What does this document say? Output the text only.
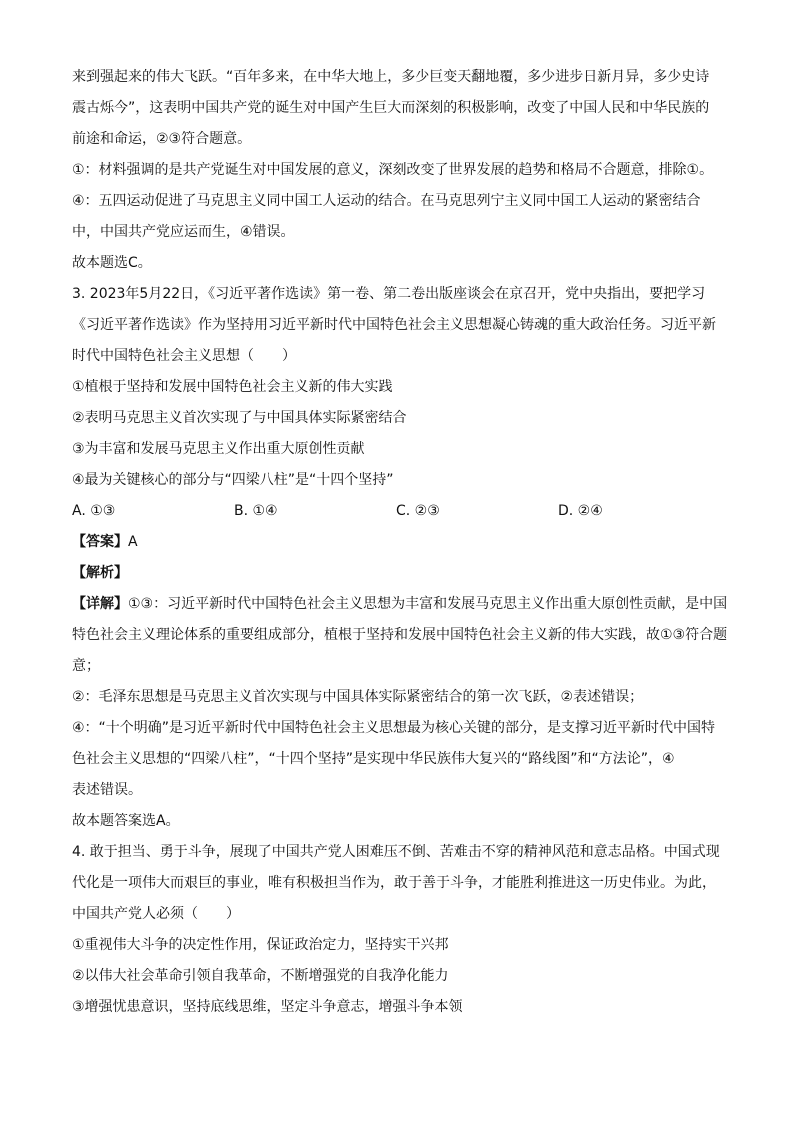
来到强起来的伟大飞跃。“百年多来，在中华大地上，多少巨变天翻地覆，多少进步日新月异，多少史诗
震古烁今”，这表明中国共产党的诞生对中国产生巨大而深刻的积极影响，改变了中国人民和中华民族的
前途和命运，②③符合题意。
①：材料强调的是共产党诞生对中国发展的意义，深刻改变了世界发展的趋势和格局不合题意，排除①。
④：五四运动促进了马克思主义同中国工人运动的结合。在马克思列宁主义同中国工人运动的紧密结合
中，中国共产党应运而生，④错误。
故本题选C。
3. 2023年5月22日，《习近平著作选读》第一卷、第二卷出版座谈会在京召开，党中央指出，要把学习
《习近平著作选读》作为坚持用习近平新时代中国特色社会主义思想凝心铸魂的重大政治任务。习近平新
时代中国特色社会主义思想（　　）
①植根于坚持和发展中国特色社会主义新的伟大实践
②表明马克思主义首次实现了与中国具体实际紧密结合
③为丰富和发展马克思主义作出重大原创性贡献
④最为关键核心的部分与“四梁八柱”是“十四个坚持”
A. ①③	B. ①④	C. ②③	D. ②④
【答案】A
【解析】
【详解】①③：习近平新时代中国特色社会主义思想为丰富和发展马克思主义作出重大原创性贡献，是中国
特色社会主义理论体系的重要组成部分，植根于坚持和发展中国特色社会主义新的伟大实践，故①③符合题
意；
②：毛泽东思想是马克思主义首次实现与中国具体实际紧密结合的第一次飞跃，②表述错误；
④：“十个明确”是习近平新时代中国特色社会主义思想最为核心关键的部分，是支撑习近平新时代中国特
色社会主义思想的“四梁八柱”，“十四个坚持”是实现中华民族伟大复兴的“路线图”和“方法论”，④
表述错误。
故本题答案选A。
4. 敢于担当、勇于斗争，展现了中国共产党人困难压不倒、苦难击不穿的精神风范和意志品格。中国式现
代化是一项伟大而艰巨的事业，唯有积极担当作为，敢于善于斗争，才能胜利推进这一历史伟业。为此，
中国共产党人必须（　　）
①重视伟大斗争的决定性作用，保证政治定力，坚持实干兴邦
②以伟大社会革命引领自我革命，不断增强党的自我净化能力
③增强忧患意识，坚持底线思维，坚定斗争意志，增强斗争本领
